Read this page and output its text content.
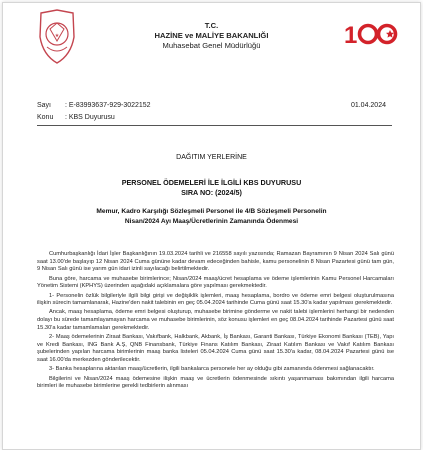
★	1
T.C.
HAZİNE ve MALİYE BAKANLIĞI
Muhasebat Genel Müdürlüğü
Sayı : E-83993637-929-3022152	01.04.2024
Konu : KBS Duyurusu
DAĞITIM YERLERİNE
PERSONEL ÖDEMELERİ İLE İLGİLİ KBS DUYURUSU
SIRA NO: (2024/5)
Memur, Kadro Karşılığı Sözleşmeli Personel ile 4/B Sözleşmeli Personelin
Nisan/2024 Ayı Maaş/Ücretlerinin Zamanında Ödenmesi

Cumhurbaşkanlığı İdari İşler Başkanlığının 19.03.2024 tarihli ve 216558 sayılı yazısında; Ramazan Bayramının 9 Nisan 2024 Salı günü saat 13.00'de başlayıp 12 Nisan 2024 Cuma gününe kadar devam edeceğinden bahisle, kamu personelinin 8 Nisan Pazartesi günü tam gün, 9 Nisan Salı günü ise yarım gün idari izinli sayılacağı belirtilmektedir.

Buna göre, harcama ve muhasebe birimlerince; Nisan/2024 maaş/ücret hesaplama ve ödeme işlemlerinin Kamu Personel Harcamaları Yönetim Sistemi (KPHYS) üzerinden aşağıdaki açıklamalara göre yapılması gerekmektedir.

1- Personelin özlük bilgileriyle ilgili bilgi girişi ve değişiklik işlemleri, maaş hesaplama, bordro ve ödeme emri belgesi oluşturulmasına ilişkin sürecin tamamlanarak, Hazine'den nakit talebinin en geç 05.04.2024 tarihinde Cuma günü saat 15.30'a kadar yapılması gerekmektedir.

Ancak, maaş hesaplama, ödeme emri belgesi oluşturup, muhasebe birimine gönderme ve nakit talebi işlemlerini herhangi bir nedenden dolayı bu sürede tamamlayamayan harcama ve muhasebe birimlerinin, söz konusu işlemleri en geç 08.04.2024 tarihinde Pazartesi günü saat 15.30'a kadar tamamlamaları gerekmektedir.

2- Maaş ödemelerinin Ziraat Bankası, Vakıfbank, Halkbank, Akbank, İş Bankası, Garanti Bankası, Türkiye Ekonomi Bankası (TEB), Yapı ve Kredi Bankası, ING Bank A.Ş, QNB Finansbank, Türkiye Finans Katılım Bankası, Ziraat Katılım Bankası ve Vakıf Katılım Bankası şubelerinden yapılan harcama birimlerinin maaş banka listeleri 05.04.2024 Cuma günü saat 15.30'a kadar, 08.04.2024 Pazartesi günü ise saat 16.00'da merkezden gönderilecektir.

3- Banka hesaplarına aktarılan maaş/ücretlerin, ilgili bankalarca personele her ay olduğu gibi zamanında ödenmesi sağlanacaktır.

Bilgilerini ve Nisan/2024 maaş ödemesine ilişkin maaş ve ücretlerin ödenmesinde sıkıntı yaşanmaması bakımından ilgili harcama birimleri ile muhasebe birimlerine gerekli tedbirlerin alınması
